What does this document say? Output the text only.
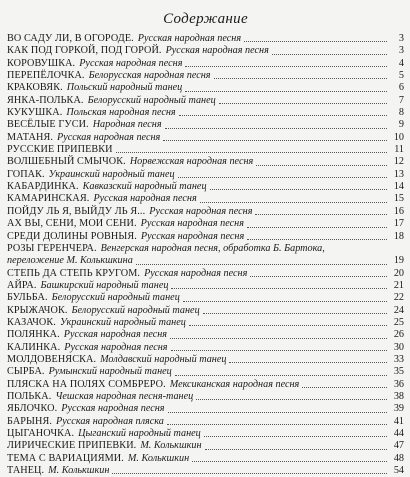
Содержание
ВО САДУ ЛИ, В ОГОРОДЕ. Русская народная песня	3
КАК ПОД ГОРКОЙ, ПОД ГОРОЙ. Русская народная песня	3
КОРОВУШКА. Русская народная песня	4
ПЕРЕПЁЛОЧКА. Белорусская народная песня	5
КРАКОВЯК. Польский народный танец	6
ЯНКА-ПОЛЬКА. Белорусский народный танец	7
КУКУШКА. Польская народная песня	8
ВЕСЁЛЫЕ ГУСИ. Народная песня	9
МАТАНЯ. Русская народная песня	10
РУССКИЕ ПРИПЕВКИ	11
ВОЛШЕБНЫЙ СМЫЧОК. Норвежская народная песня	12
ГОПАК. Украинский народный танец	13
КАБАРДИНКА. Кавказский народный танец	14
КАМАРИНСКАЯ. Русская народная песня	15
ПОЙДУ ЛЬ Я, ВЫЙДУ ЛЬ Я... Русская народная песня	16
АХ ВЫ, СЕНИ, МОИ СЕНИ. Русская народная песня	17
СРЕДИ ДОЛИНЫ РОВНЫЯ. Русская народная песня	18
РОЗЫ ГЕРЕНЧЕРА. Венгерская народная песня, обработка Б. Бартока,
переложение М. Колькшкина	19
СТЕПЬ ДА СТЕПЬ КРУГОМ. Русская народная песня	20
АЙРА. Башкирский народный танец	21
БУЛЬБА. Белорусский народный танец	22
КРЫЖАЧОК. Белорусский народный танец	24
КАЗАЧОК. Украинский народный танец	25
ПОЛЯНКА. Русская народная песня	26
КАЛИНКА. Русская народная песня	30
МОЛДОВЕНЯСКА. Молдавский народный танец	33
СЫРБА. Румынский народный танец	35
ПЛЯСКА НА ПОЛЯХ СОМБРЕРО. Мексиканская народная песня	36
ПОЛЬКА. Чешская народная песня-танец	38
ЯБЛОЧКО. Русская народная песня	39
БАРЫНЯ. Русская народная пляска	41
ЦЫГАНОЧКА. Цыганский народный танец	44
ЛИРИЧЕСКИЕ ПРИПЕВКИ. М. Колькшкин	47
ТЕМА С ВАРИАЦИЯМИ. М. Колькшкин	48
ТАНЕЦ. М. Колькшкин	54
